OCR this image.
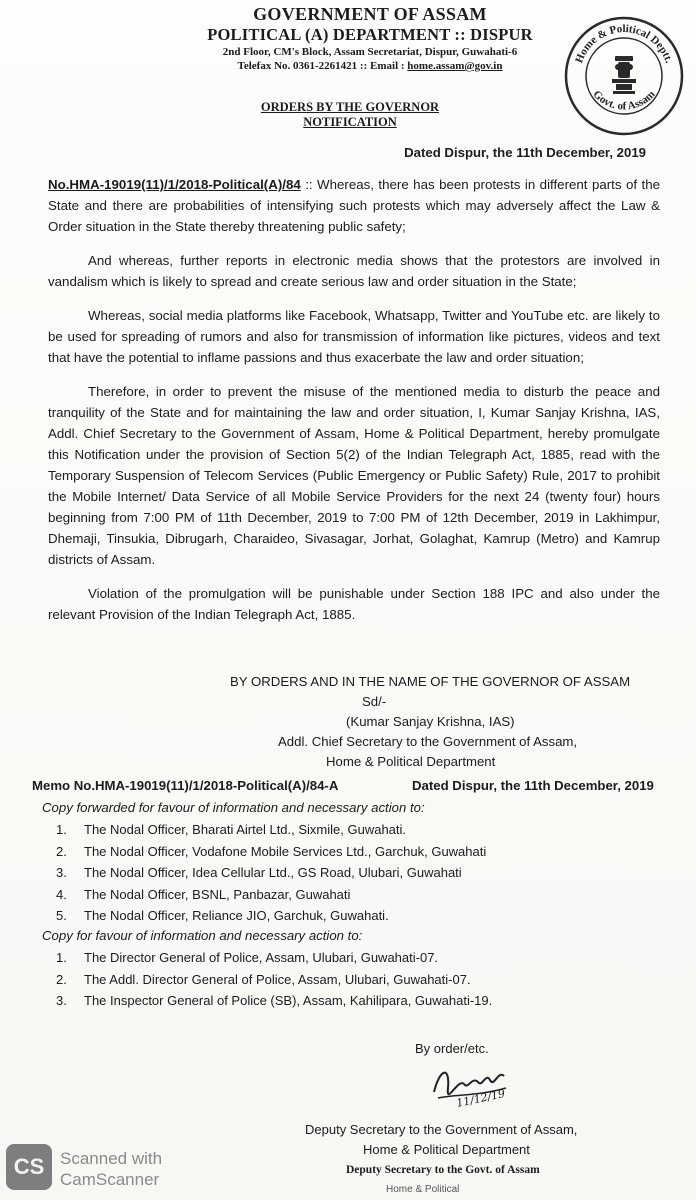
GOVERNMENT OF ASSAM
POLITICAL (A) DEPARTMENT :: DISPUR
2nd Floor, CM's Block, Assam Secretariat, Dispur, Guwahati-6
Telefax No. 0361-2261421 :: Email : home.assam@gov.in
Home & Political Deptt.
Govt. of Assam
ORDERS BY THE GOVERNOR
NOTIFICATION
Dated Dispur, the 11th December, 2019

No.HMA-19019(11)/1/2018-Political(A)/84 :: Whereas, there has been protests in different parts of the State and there are probabilities of intensifying such protests which may adversely affect the Law & Order situation in the State thereby threatening public safety;

And whereas, further reports in electronic media shows that the protestors are involved in vandalism which is likely to spread and create serious law and order situation in the State;

Whereas, social media platforms like Facebook, Whatsapp, Twitter and YouTube etc. are likely to be used for spreading of rumors and also for transmission of information like pictures, videos and text that have the potential to inflame passions and thus exacerbate the law and order situation;

Therefore, in order to prevent the misuse of the mentioned media to disturb the peace and tranquility of the State and for maintaining the law and order situation, I, Kumar Sanjay Krishna, IAS, Addl. Chief Secretary to the Government of Assam, Home & Political Department, hereby promulgate this Notification under the provision of Section 5(2) of the Indian Telegraph Act, 1885, read with the Temporary Suspension of Telecom Services (Public Emergency or Public Safety) Rule, 2017 to prohibit the Mobile Internet/ Data Service of all Mobile Service Providers for the next 24 (twenty four) hours beginning from 7:00 PM of 11th December, 2019 to 7:00 PM of 12th December, 2019 in Lakhimpur, Dhemaji, Tinsukia, Dibrugarh, Charaideo, Sivasagar, Jorhat, Golaghat, Kamrup (Metro) and Kamrup districts of Assam.

Violation of the promulgation will be punishable under Section 188 IPC and also under the relevant Provision of the Indian Telegraph Act, 1885.

BY ORDERS AND IN THE NAME OF THE GOVERNOR OF ASSAM
Sd/-
(Kumar Sanjay Krishna, IAS)
Addl. Chief Secretary to the Government of Assam,
Home & Political Department
Memo No.HMA-19019(11)/1/2018-Political(A)/84-A	Dated Dispur, the 11th December, 2019
Copy forwarded for favour of information and necessary action to:
1. The Nodal Officer, Bharati Airtel Ltd., Sixmile, Guwahati.
2. The Nodal Officer, Vodafone Mobile Services Ltd., Garchuk, Guwahati
3. The Nodal Officer, Idea Cellular Ltd., GS Road, Ulubari, Guwahati
4. The Nodal Officer, BSNL, Panbazar, Guwahati
5. The Nodal Officer, Reliance JIO, Garchuk, Guwahati.
Copy for favour of information and necessary action to:
1. The Director General of Police, Assam, Ulubari, Guwahati-07.
2. The Addl. Director General of Police, Assam, Ulubari, Guwahati-07.
3. The Inspector General of Police (SB), Assam, Kahilipara, Guwahati-19.
By order/etc.
11/12/19
Deputy Secretary to the Government of Assam,
Home & Political Department
Deputy Secretary to the Govt. of Assam
Home & Political
CS Scanned with
CamScanner
